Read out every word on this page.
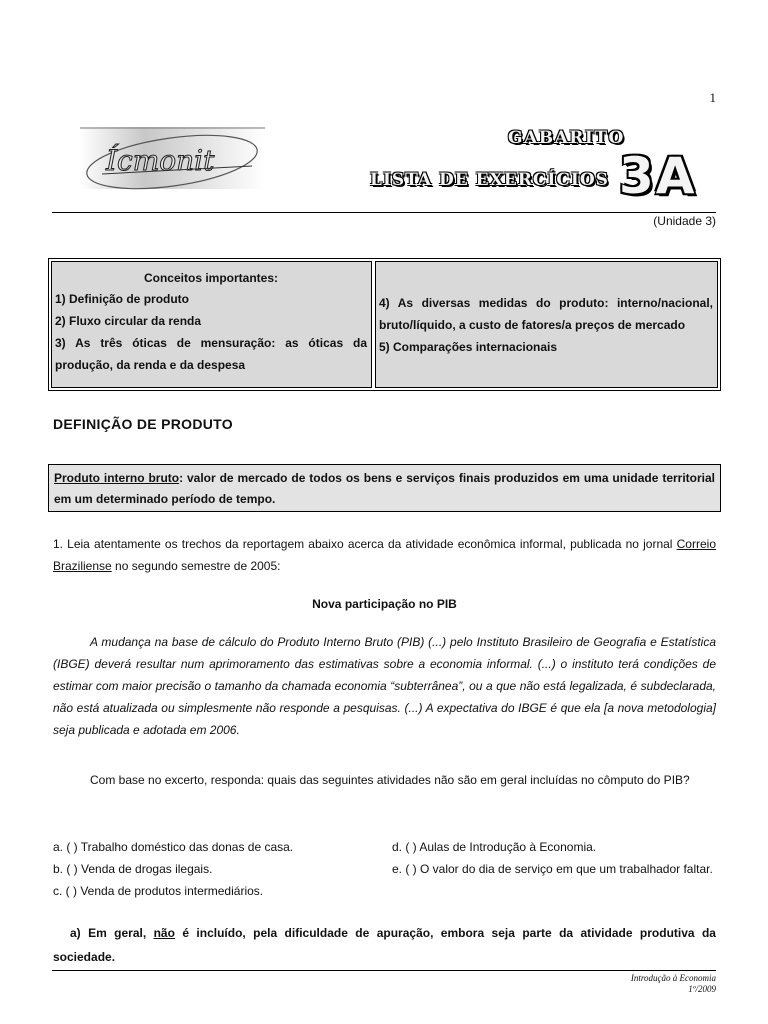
1
Ícmonit
GABARITO
LISTA DE EXERCÍCIOS 3A
(Unidade 3)
Conceitos importantes:
1) Definição de produto
2) Fluxo circular da renda
3) As três óticas de mensuração: as óticas da produção, da renda e da despesa
4) As diversas medidas do produto: interno/nacional, bruto/líquido, a custo de fatores/a preços de mercado
5) Comparações internacionais
DEFINIÇÃO DE PRODUTO
Produto interno bruto: valor de mercado de todos os bens e serviços finais produzidos em uma unidade territorial em um determinado período de tempo.
1. Leia atentamente os trechos da reportagem abaixo acerca da atividade econômica informal, publicada no jornal Correio Braziliense no segundo semestre de 2005:
Nova participação no PIB
A mudança na base de cálculo do Produto Interno Bruto (PIB) (...) pelo Instituto Brasileiro de Geografia e Estatística (IBGE) deverá resultar num aprimoramento das estimativas sobre a economia informal. (...) o instituto terá condições de estimar com maior precisão o tamanho da chamada economia “subterrânea”, ou a que não está legalizada, é subdeclarada, não está atualizada ou simplesmente não responde a pesquisas. (...) A expectativa do IBGE é que ela [a nova metodologia] seja publicada e adotada em 2006.
Com base no excerto, responda: quais das seguintes atividades não são em geral incluídas no cômputo do PIB?
a. ( ) Trabalho doméstico das donas de casa.
b. ( ) Venda de drogas ilegais.
c. ( ) Venda de produtos intermediários.
d. ( ) Aulas de Introdução à Economia.
e. ( ) O valor do dia de serviço em que um trabalhador faltar.
a) Em geral, não é incluído, pela dificuldade de apuração, embora seja parte da atividade produtiva da sociedade.
Introdução à Economia
1º/2009
